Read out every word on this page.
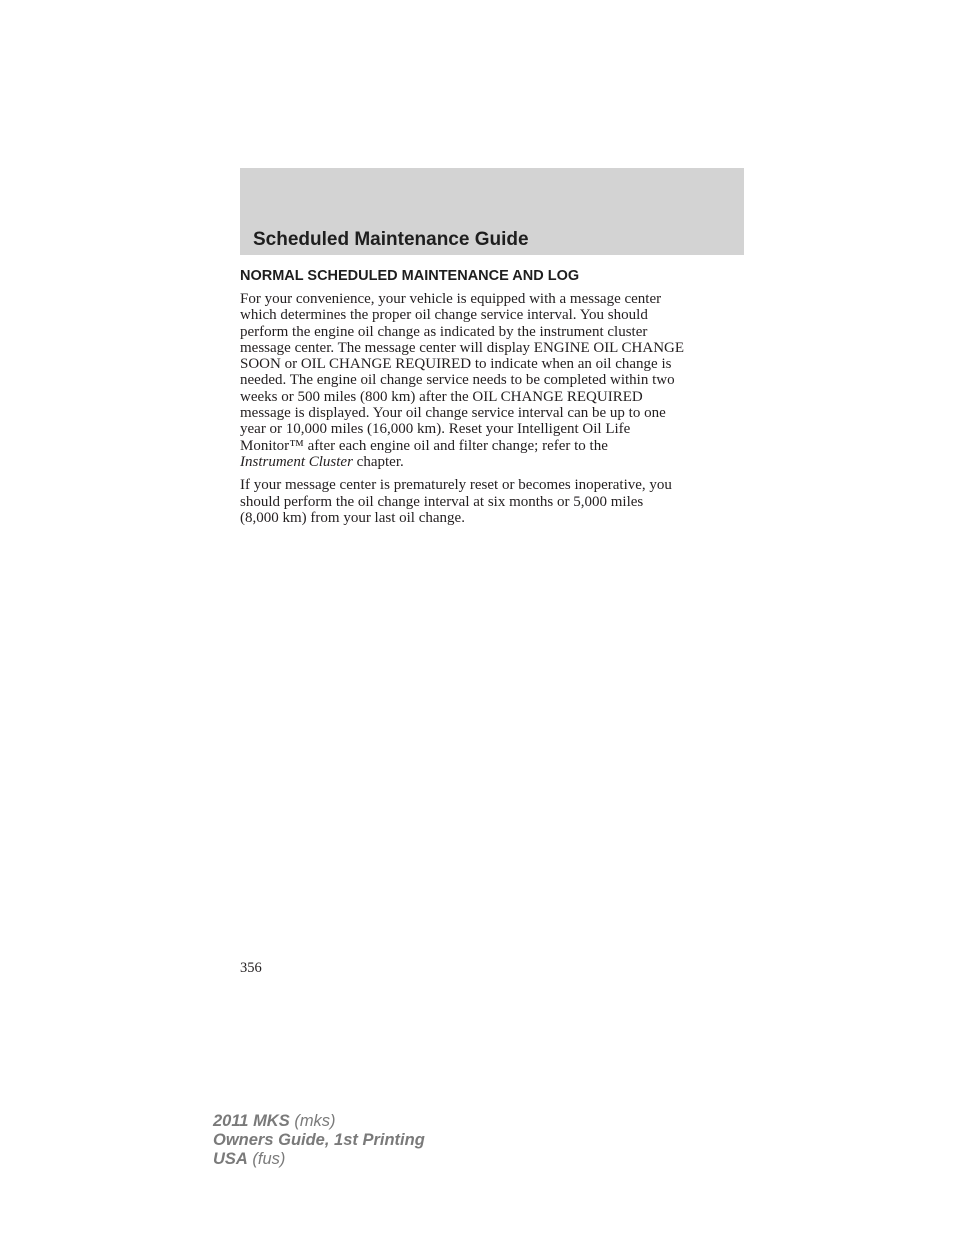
Scheduled Maintenance Guide
NORMAL SCHEDULED MAINTENANCE AND LOG

For your convenience, your vehicle is equipped with a message center
which determines the proper oil change service interval. You should
perform the engine oil change as indicated by the instrument cluster
message center. The message center will display ENGINE OIL CHANGE
SOON or OIL CHANGE REQUIRED to indicate when an oil change is
needed. The engine oil change service needs to be completed within two
weeks or 500 miles (800 km) after the OIL CHANGE REQUIRED
message is displayed. Your oil change service interval can be up to one
year or 10,000 miles (16,000 km). Reset your Intelligent Oil Life
Monitor™ after each engine oil and filter change; refer to the
Instrument Cluster chapter.

If your message center is prematurely reset or becomes inoperative, you
should perform the oil change interval at six months or 5,000 miles
(8,000 km) from your last oil change.

356
2011 MKS (mks)
Owners Guide, 1st Printing
USA (fus)
